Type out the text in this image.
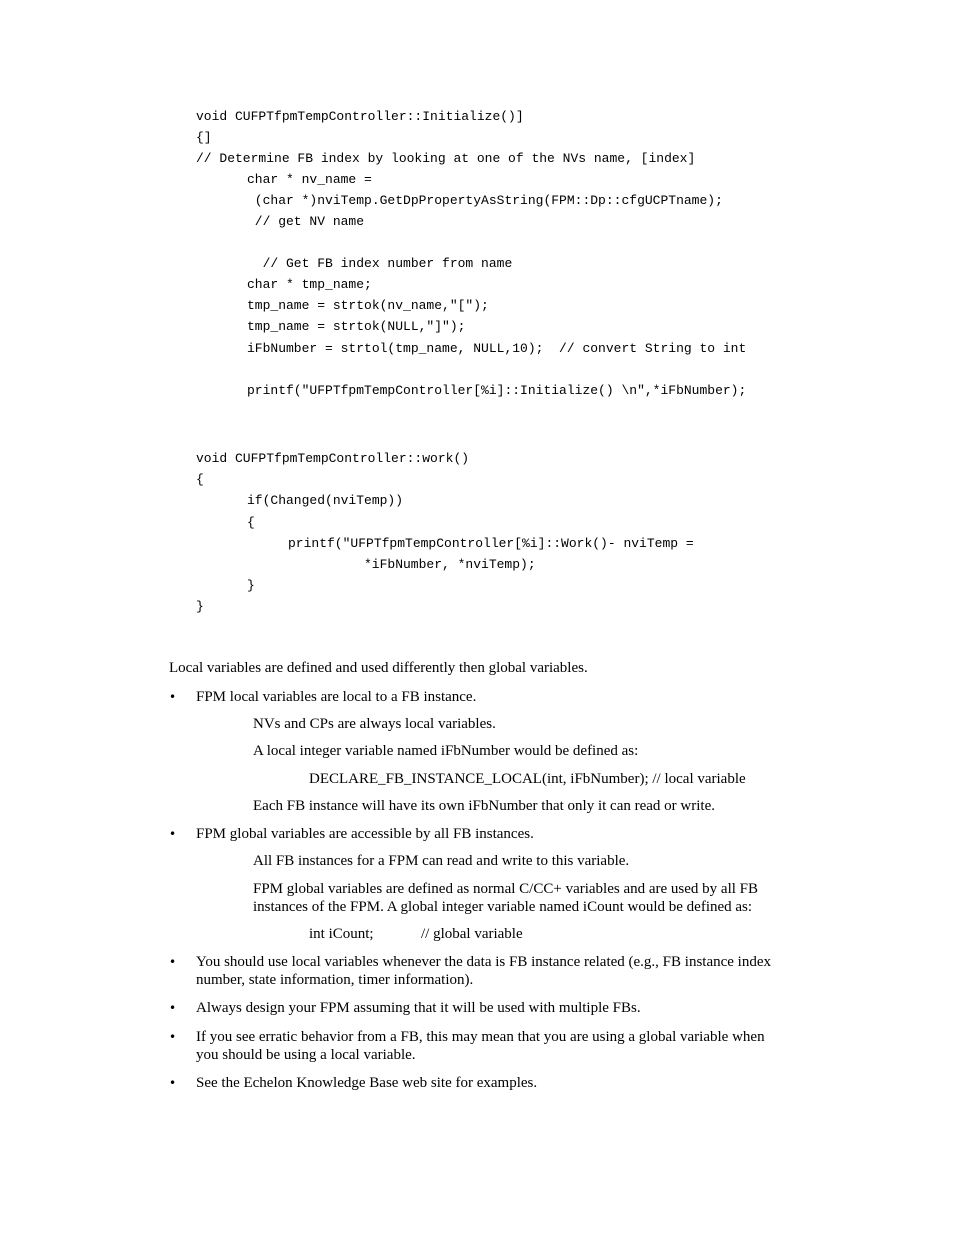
void CUFPTfpmTempController::Initialize()]
{]
// Determine FB index by looking at one of the NVs name, [index]
char * nv_name =
(char *)nviTemp.GetDpPropertyAsString(FPM::Dp::cfgUCPTname);
// get NV name
// Get FB index number from name
char * tmp_name;
tmp_name = strtok(nv_name,"[");
tmp_name = strtok(NULL,"]");
iFbNumber = strtol(tmp_name, NULL,10);  // convert String to int
printf("UFPTfpmTempController[%i]::Initialize() \n",*iFbNumber);
void CUFPTfpmTempController::work()
{
if(Changed(nviTemp))
{
printf("UFPTfpmTempController[%i]::Work()- nviTemp =
*iFbNumber, *nviTemp);
}
}
Local variables are defined and used differently then global variables.
• FPM local variables are local to a FB instance.
NVs and CPs are always local variables.
A local integer variable named iFbNumber would be defined as:
DECLARE_FB_INSTANCE_LOCAL(int, iFbNumber); // local variable
Each FB instance will have its own iFbNumber that only it can read or write.
• FPM global variables are accessible by all FB instances.
All FB instances for a FPM can read and write to this variable.
FPM global variables are defined as normal C/CC+ variables and are used by all FB
instances of the FPM. A global integer variable named iCount would be defined as:
int iCount;	// global variable
• You should use local variables whenever the data is FB instance related (e.g., FB instance index
number, state information, timer information).
• Always design your FPM assuming that it will be used with multiple FBs.
• If you see erratic behavior from a FB, this may mean that you are using a global variable when
you should be using a local variable.
• See the Echelon Knowledge Base web site for examples.
